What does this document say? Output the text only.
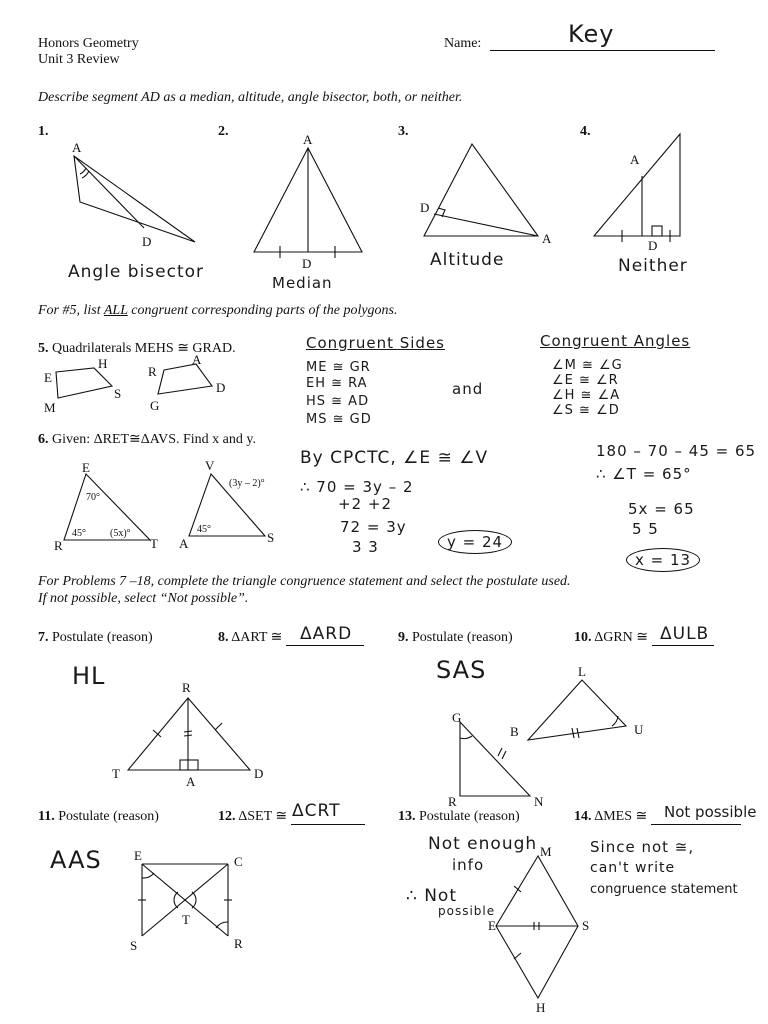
Honors Geometry
Unit 3 Review
Name:	Key
Describe segment AD as a median, altitude, angle bisector, both, or neither.
1.	2.	3.	4.
A
D
Angle bisector
A
D
Median
D
A
Altitude
A
D
Neither
For #5, list ALL congruent corresponding parts of the polygons.
5. Quadrilaterals MEHS ≅ GRAD.
E
H
M
S
R
A
G
D
Congruent Sides
ME ≅ GR
EH ≅ RA
HS ≅ AD
MS ≅ GD
and
Congruent Angles
∠M ≅ ∠G
∠E ≅ ∠R
∠H ≅ ∠A
∠S ≅ ∠D
6. Given: ΔRET≅ΔAVS. Find x and y.
E
R	T
70°
45° (5x)°
V
A	S
(3y – 2)°
45°
By CPCTC, ∠E ≅ ∠V
∴ 70 = 3y – 2
+2 +2
72 = 3y
3 3	y = 24
180 – 70 – 45 = 65
∴ ∠T = 65°
5x = 65
5 5
x = 13
For Problems 7 –18, complete the triangle congruence statement and select the postulate used.
If not possible, select “Not possible”.
7. Postulate (reason)	8. ΔART ≅	ΔARD	9. Postulate (reason)	10. ΔGRN ≅ ΔULB
HL	SAS
R
T
A
D
L
G
B	U
R	N
11. Postulate (reason)	12. ΔSET ≅ ΔCRT	13. Postulate (reason)	14. ΔMES ≅	Not possible
AAS E	C
T
S	R
Not enough
info
∴ Not
possible
M
E	S
H
Since not ≅,
can't write
congruence statement
